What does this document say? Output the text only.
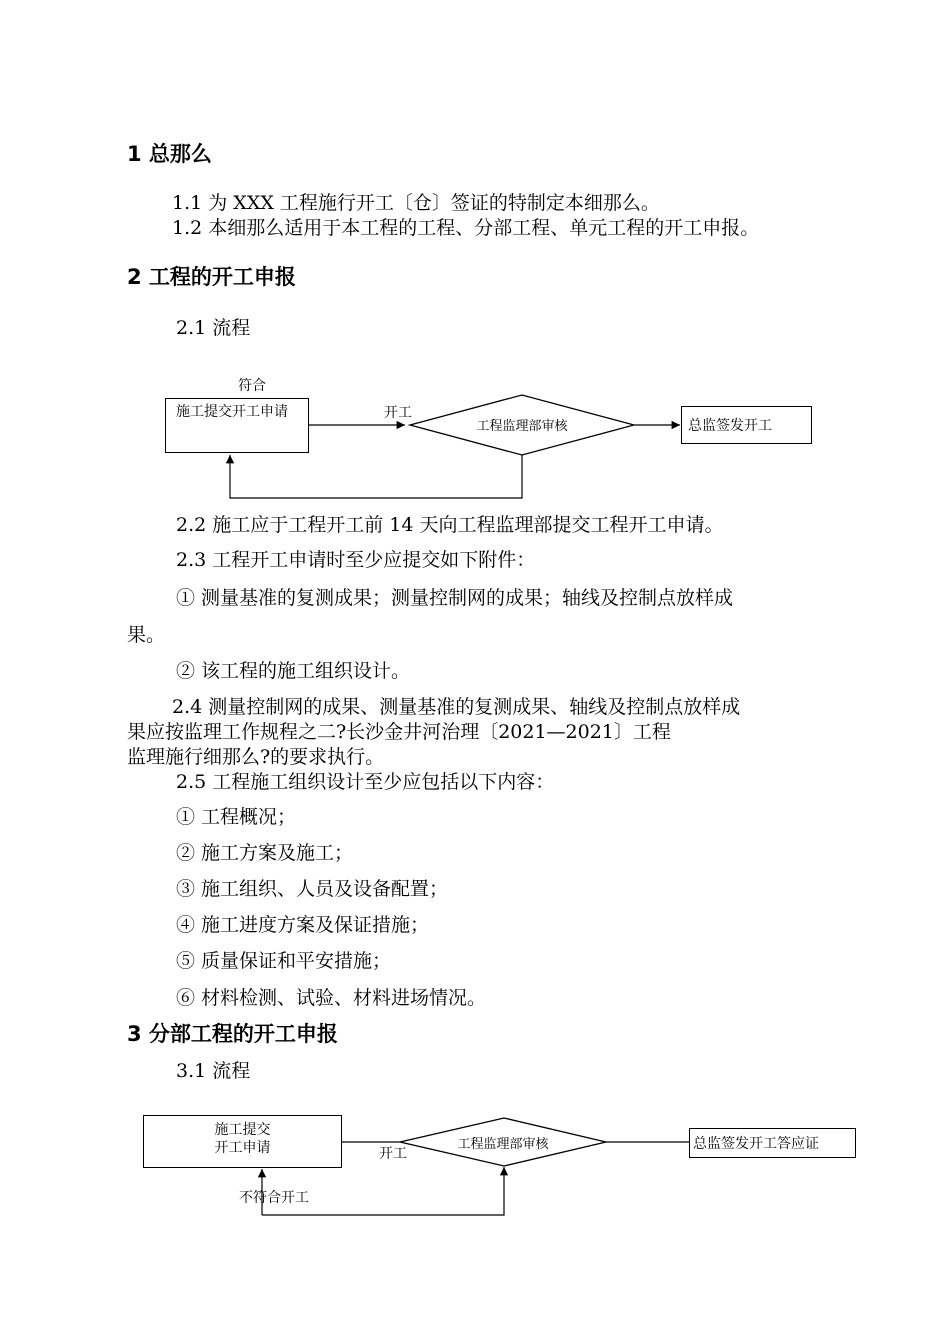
1 总那么
1.1 为 XXX 工程施行开工〔仓〕签证的特制定本细那么。
1.2 本细那么适用于本工程的工程、分部工程、单元工程的开工申报。
2 工程的开工申报
2.1 流程
符合
施工提交开工申请	开工
工程监理部审核	总监签发开工
2.2 施工应于工程开工前 14 天向工程监理部提交工程开工申请。
2.3 工程开工申请时至少应提交如下附件：
① 测量基准的复测成果；测量控制网的成果；轴线及控制点放样成
果。
② 该工程的施工组织设计。
2.4 测量控制网的成果、测量基准的复测成果、轴线及控制点放样成
果应按监理工作规程之二?长沙金井河治理〔2021—2021〕工程
监理施行细那么?的要求执行。
2.5 工程施工组织设计至少应包括以下内容：
① 工程概况；
② 施工方案及施工；
③ 施工组织、人员及设备配置；
④ 施工进度方案及保证措施；
⑤ 质量保证和平安措施；
⑥ 材料检测、试验、材料进场情况。
3 分部工程的开工申报
3.1 流程
施工提交
开工申请	开工
工程监理部审核	总监签发开工答应证
不符合开工
